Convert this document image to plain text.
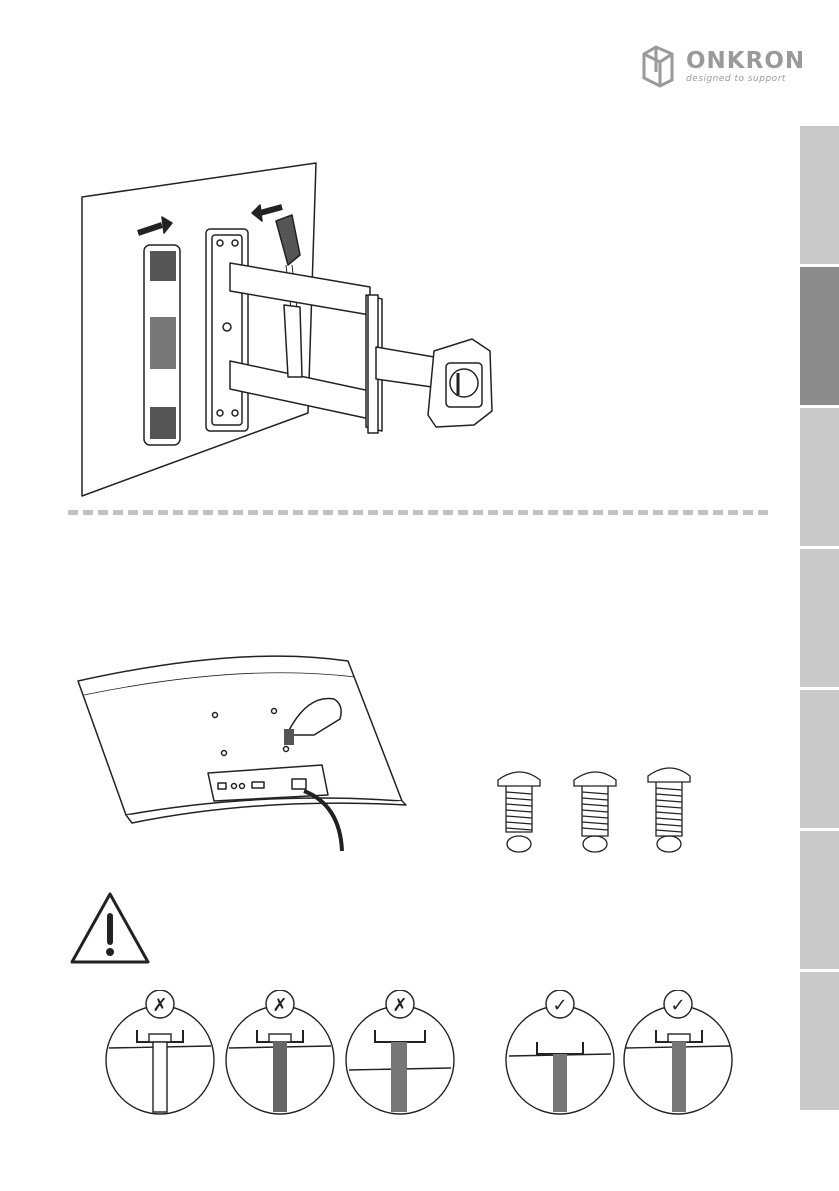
ONKRON
designed to support
✗	✗	✗	✓	✓
